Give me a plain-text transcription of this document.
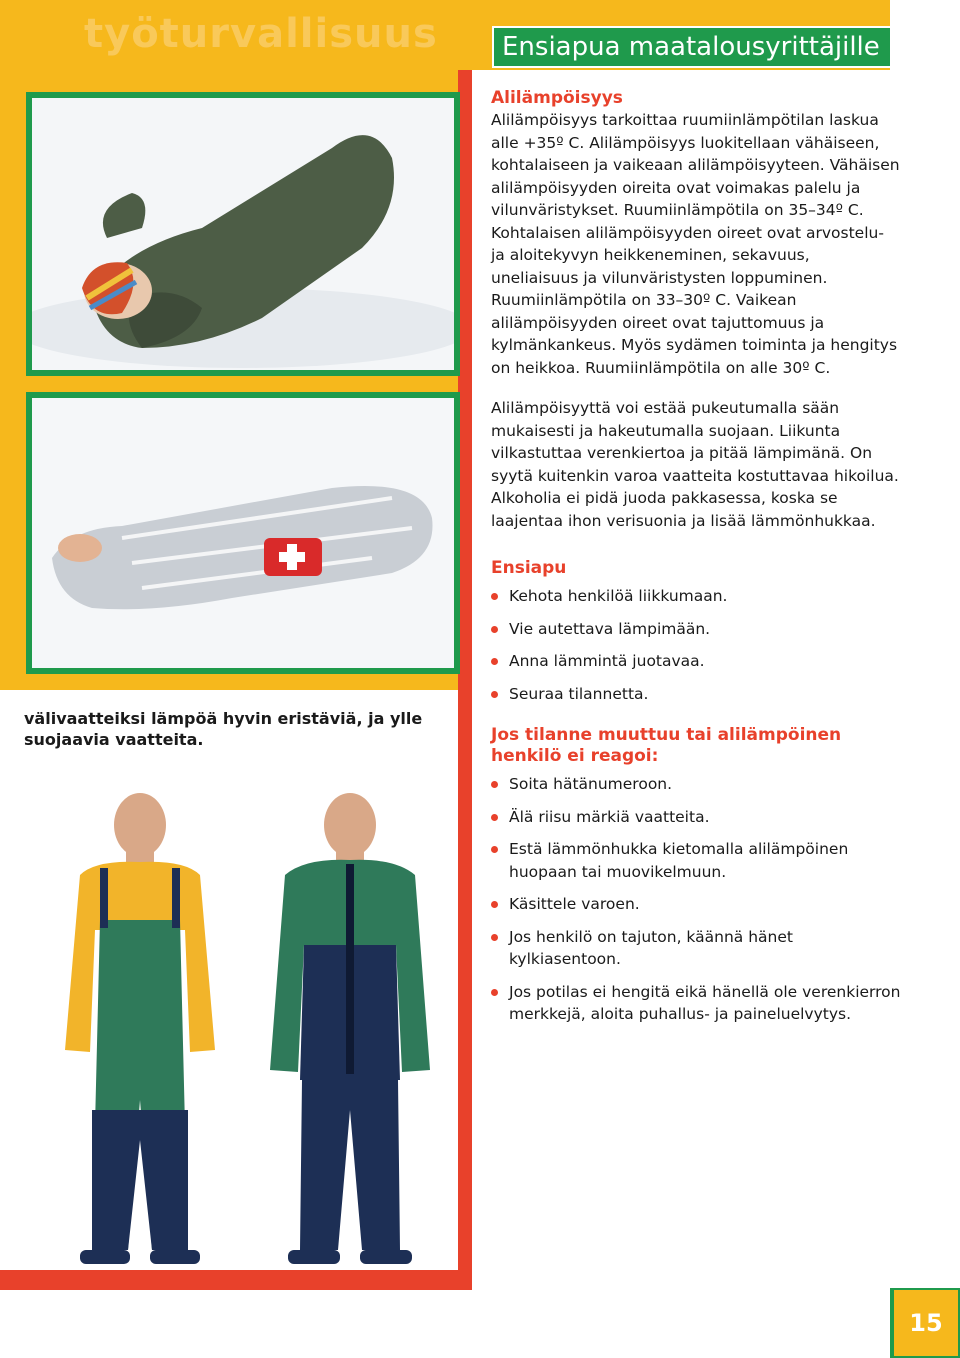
työturvallisuus	Ensiapua maatalousyrittäjille
välivaatteiksi lämpöä hyvin eristäviä, ja ylle suojaavia vaatteita.
Alilämpöisyys

Alilämpöisyys tarkoittaa ruumiinlämpötilan laskua alle +35º C. Alilämpöisyys luokitellaan vähäiseen, kohtalaiseen ja vaikeaan alilämpöisyyteen. Vähäisen alilämpöisyyden oireita ovat voimakas palelu ja vilunväristykset. Ruumiinlämpötila on 35–34º C. Kohtalaisen alilämpöisyyden oireet ovat arvostelu- ja aloitekyvyn heikkeneminen, sekavuus, uneliaisuus ja vilunväristysten loppuminen. Ruumiinlämpötila on 33–30º C. Vaikean alilämpöisyyden oireet ovat tajuttomuus ja kylmänkankeus. Myös sydämen toiminta ja hengitys on heikkoa. Ruumiinlämpötila on alle 30º C.

Alilämpöisyyttä voi estää pukeutumalla sään mukaisesti ja hakeutumalla suojaan. Liikunta vilkastuttaa verenkiertoa ja pitää lämpimänä. On syytä kuitenkin varoa vaatteita kostuttavaa hikoilua. Alkoholia ei pidä juoda pakkasessa, koska se laajentaa ihon verisuonia ja lisää lämmönhukkaa.

Ensiapu
Kehota henkilöä liikkumaan.
Vie autettava lämpimään.
Anna lämmintä juotavaa.
Seuraa tilannetta.
Jos tilanne muuttuu tai alilämpöinen henkilö ei reagoi:
Soita hätänumeroon.
Älä riisu märkiä vaatteita.
Estä lämmönhukka kietomalla alilämpöinen huopaan tai muovikelmuun.
Käsittele varoen.
Jos henkilö on tajuton, käännä hänet kylkiasentoon.
Jos potilas ei hengitä eikä hänellä ole verenkierron merkkejä, aloita puhallus- ja paineluelvytys.
15
